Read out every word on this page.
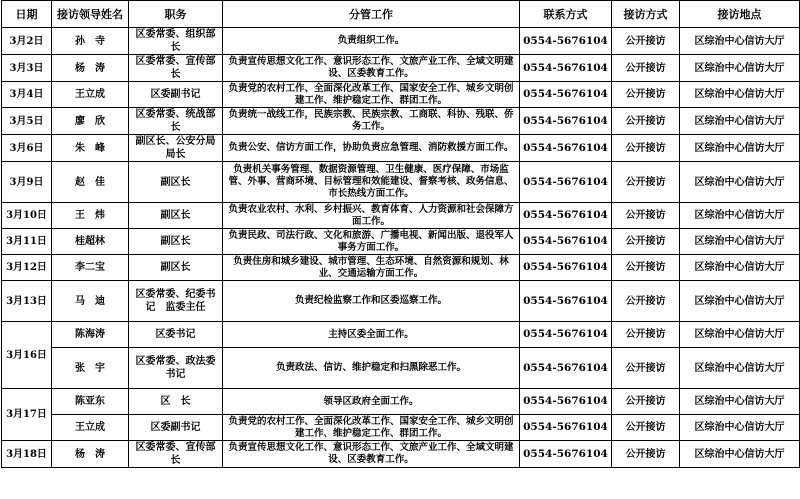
日期	接访领导姓名	职务	分管工作	联系方式	接访方式	接访地点
3月2日	孙　寺	区委常委、组织部长	负责组织工作。	0554-5676104	公开接访	区综治中心信访大厅
3月3日	杨　涛	区委常委、宣传部长	负责宣传思想文化工作、意识形态工作、文旅产业工作、全域文明建设、区委教育工作。	0554-5676104	公开接访	区综治中心信访大厅
3月4日	王立成	区委副书记	负责党的农村工作、全面深化改革工作、国家安全工作、城乡文明创建工作、维护稳定工作、群团工作。	0554-5676104	公开接访	区综治中心信访大厅
3月5日	廖　欣	区委常委、统战部长	负责统一战线工作，民族宗教、民族宗教、工商联、科协、残联、侨务工作。	0554-5676104	公开接访	区综治中心信访大厅
3月6日	朱　峰	副区长、公安分局局长	负责公安、信访方面工作，协助负责应急管理、消防救援方面工作。	0554-5676104	公开接访	区综治中心信访大厅
3月9日	赵　佳	副区长	负责机关事务管理、数据资源管理、卫生健康、医疗保障、市场监管、外事、营商环境、目标管理和效能建设、督察考核、政务信息、市长热线方面工作。	0554-5676104	公开接访	区综治中心信访大厅
3月10日	王　炜	副区长	负责农业农村、水利、乡村振兴、教育体育、人力资源和社会保障方面工作。	0554-5676104	公开接访	区综治中心信访大厅
3月11日	桂超林	副区长	负责民政、司法行政、文化和旅游、广播电视、新闻出版、退役军人事务方面工作。	0554-5676104	公开接访	区综治中心信访大厅
3月12日	李二宝	副区长	负责住房和城乡建设、城市管理、生态环境、自然资源和规划、林业、交通运输方面工作。	0554-5676104	公开接访	区综治中心信访大厅
3月13日	马　迪	区委常委、纪委书记　监委主任	负责纪检监察工作和区委巡察工作。	0554-5676104	公开接访	区综治中心信访大厅
3月16日	陈海涛	区委书记	主持区委全面工作。	0554-5676104	公开接访	区综治中心信访大厅
	张　宇	区委常委、政法委书记	负责政法、信访、维护稳定和扫黑除恶工作。	0554-5676104	公开接访	区综治中心信访大厅
3月17日	陈亚东	区　长	领导区政府全面工作。	0554-5676104	公开接访	区综治中心信访大厅
	王立成	区委副书记	负责党的农村工作、全面深化改革工作、国家安全工作、城乡文明创建工作、维护稳定工作、群团工作。	0554-5676104	公开接访	区综治中心信访大厅
3月18日	杨　涛	区委常委、宣传部长	负责宣传思想文化工作、意识形态工作、文旅产业工作、全域文明建设、区委教育工作。	0554-5676104	公开接访	区综治中心信访大厅
